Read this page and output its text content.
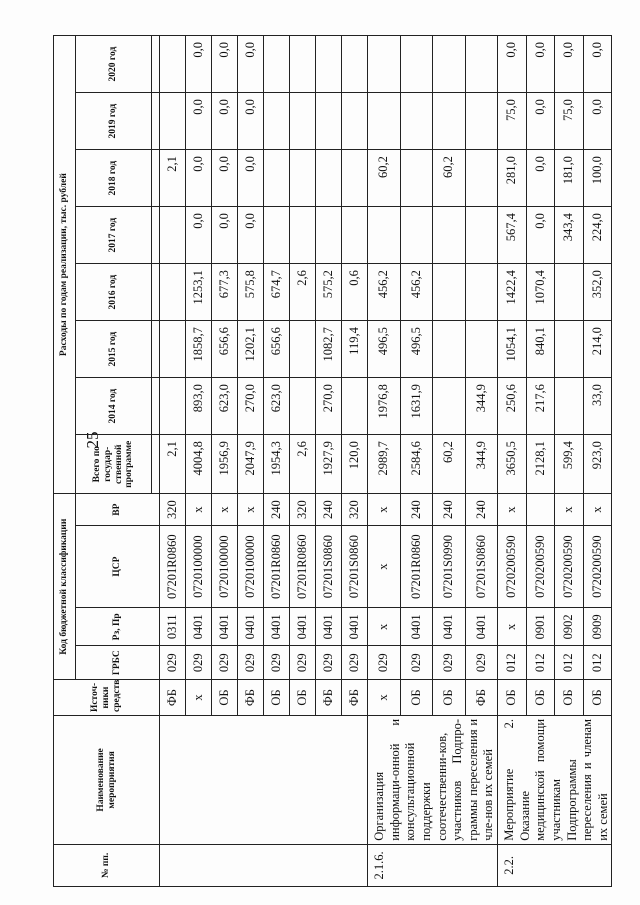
25
№ пп.	Наименование мероприятия	Источ-ники средств	Код бюджетной классификации				Расходы по годам реализации, тыс. рублей							
			ГРБС	Рз, Пр	ЦСР	ВР	Всего по государ-ственной программе	2014 год	2015 год	2016 год	2017 год	2018 год	2019 год	2020 год

		ФБ	029	0311	07201R0860	320	2,1					2,1		
		х	029	0401	0720100000	х	4004,8	893,0	1858,7	1253,1	0,0	0,0	0,0	0,0
		ОБ	029	0401	0720100000	х	1956,9	623,0	656,6	677,3	0,0	0,0	0,0	0,0
		ФБ	029	0401	0720100000	х	2047,9	270,0	1202,1	575,8	0,0	0,0	0,0	0,0
		ОБ	029	0401	07201R0860	240	1954,3	623,0	656,6	674,7				
		ОБ	029	0401	07201R0860	320	2,6			2,6				
		ФБ	029	0401	07201S0860	240	1927,9	270,0	1082,7	575,2				
		ФБ	029	0401	07201S0860	320	120,0		119,4	0,6				
2.1.6.	Организация информаци-онной и консультационной поддержки соотечественни-ков, участников Подпро-граммы переселения и чле-нов их семей	х	029	х	х	х	2989,7	1976,8	496,5	456,2		60,2		
		ОБ	029	0401	07201R0860	240	2584,6	1631,9	496,5	456,2				
		ОБ	029	0401	07201S0990	240	60,2					60,2		
		ФБ	029	0401	07201S0860	240	344,9	344,9						
2.2.	Мероприятие 2. Оказание медицинской помощи участникам Подпрограммы переселения и членам их семей	ОБ	012	х	0720200590	х	3650,5	250,6	1054,1	1422,4	567,4	281,0	75,0	0,0
		ОБ	012	0901	0720200590		2128,1	217,6	840,1	1070,4	0,0	0,0	0,0	0,0
		ОБ	012	0902	0720200590	х	599,4				343,4	181,0	75,0	0,0
		ОБ	012	0909	0720200590	х	923,0	33,0	214,0	352,0	224,0	100,0	0,0	0,0
